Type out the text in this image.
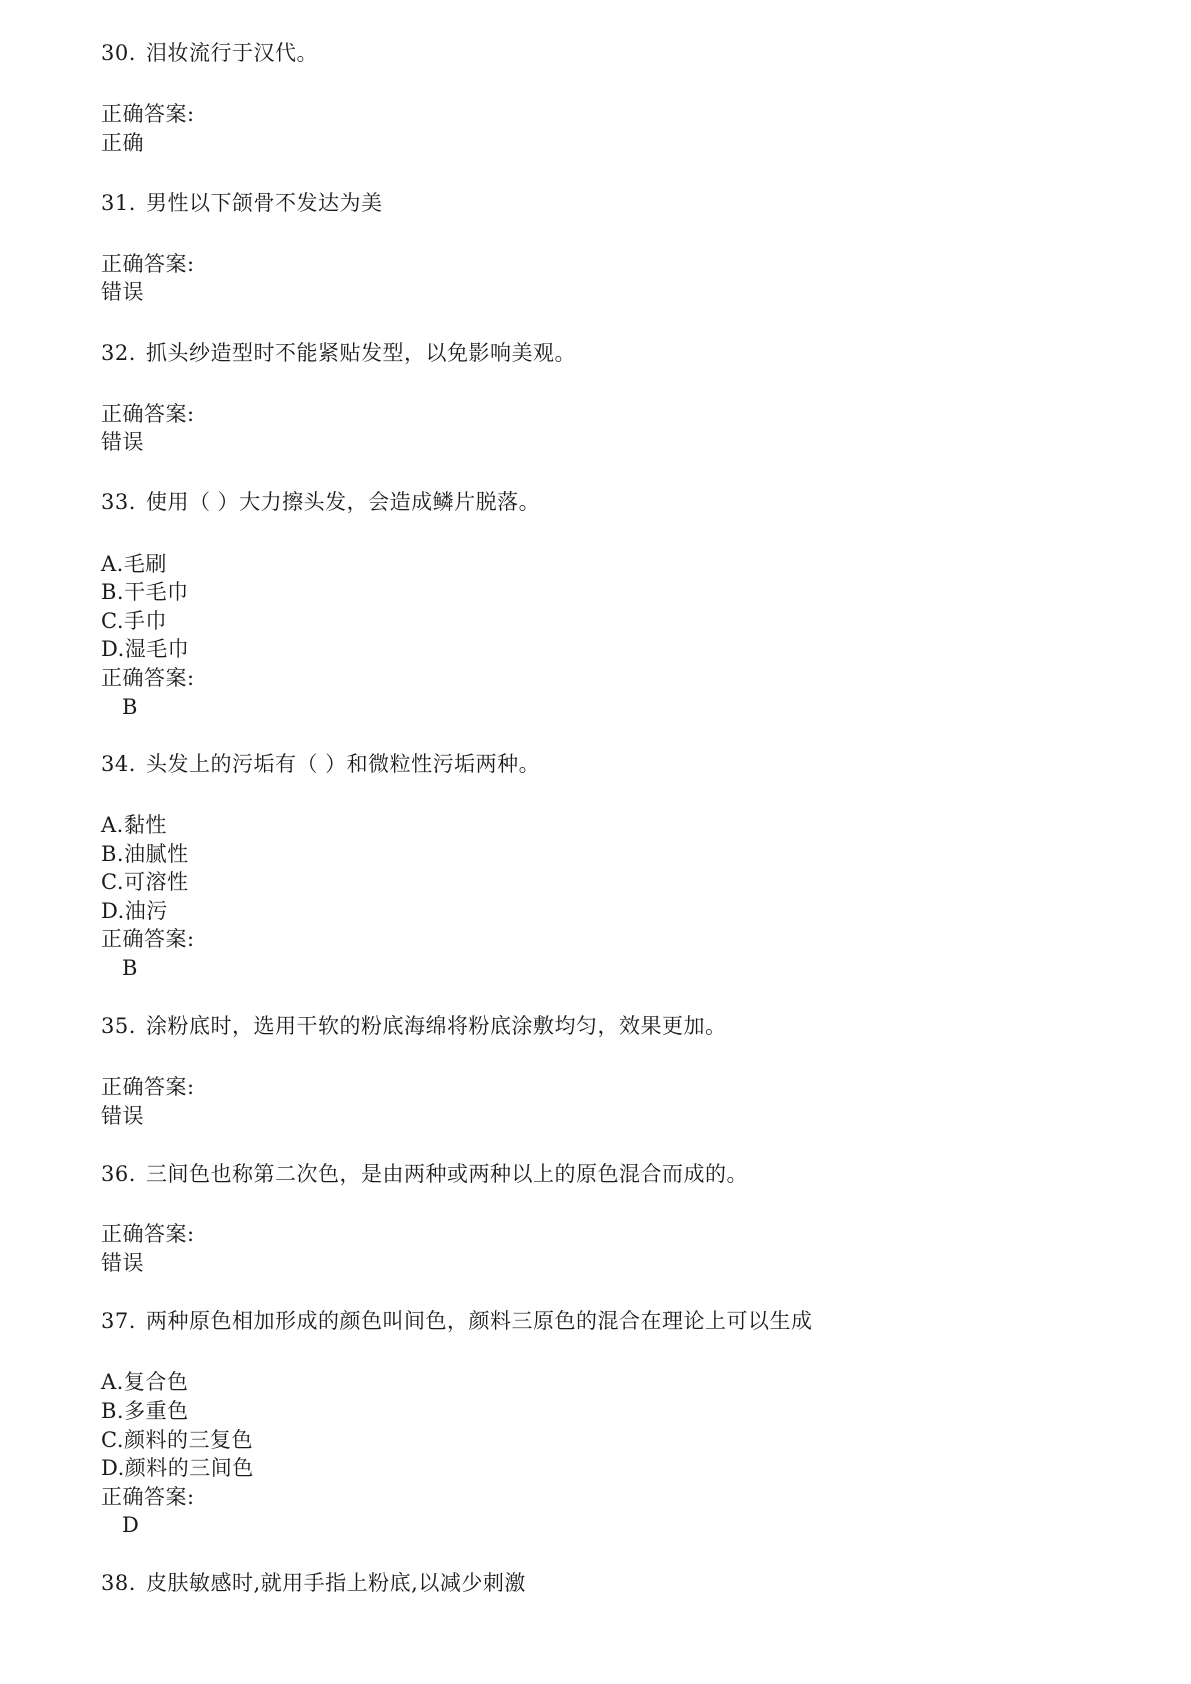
30. 泪妆流行于汉代。
正确答案:
正确
31. 男性以下颌骨不发达为美
正确答案:
错误
32. 抓头纱造型时不能紧贴发型，以免影响美观。
正确答案:
错误
33. 使用（ ）大力擦头发，会造成鳞片脱落。
A.毛刷
B.干毛巾
C.手巾
D.湿毛巾
正确答案:
B
34. 头发上的污垢有（ ）和微粒性污垢两种。
A.黏性
B.油腻性
C.可溶性
D.油污
正确答案:
B
35. 涂粉底时，选用干软的粉底海绵将粉底涂敷均匀，效果更加。
正确答案:
错误
36. 三间色也称第二次色，是由两种或两种以上的原色混合而成的。
正确答案:
错误
37. 两种原色相加形成的颜色叫间色，颜料三原色的混合在理论上可以生成
A.复合色
B.多重色
C.颜料的三复色
D.颜料的三间色
正确答案:
D
38. 皮肤敏感时,就用手指上粉底,以减少刺激
